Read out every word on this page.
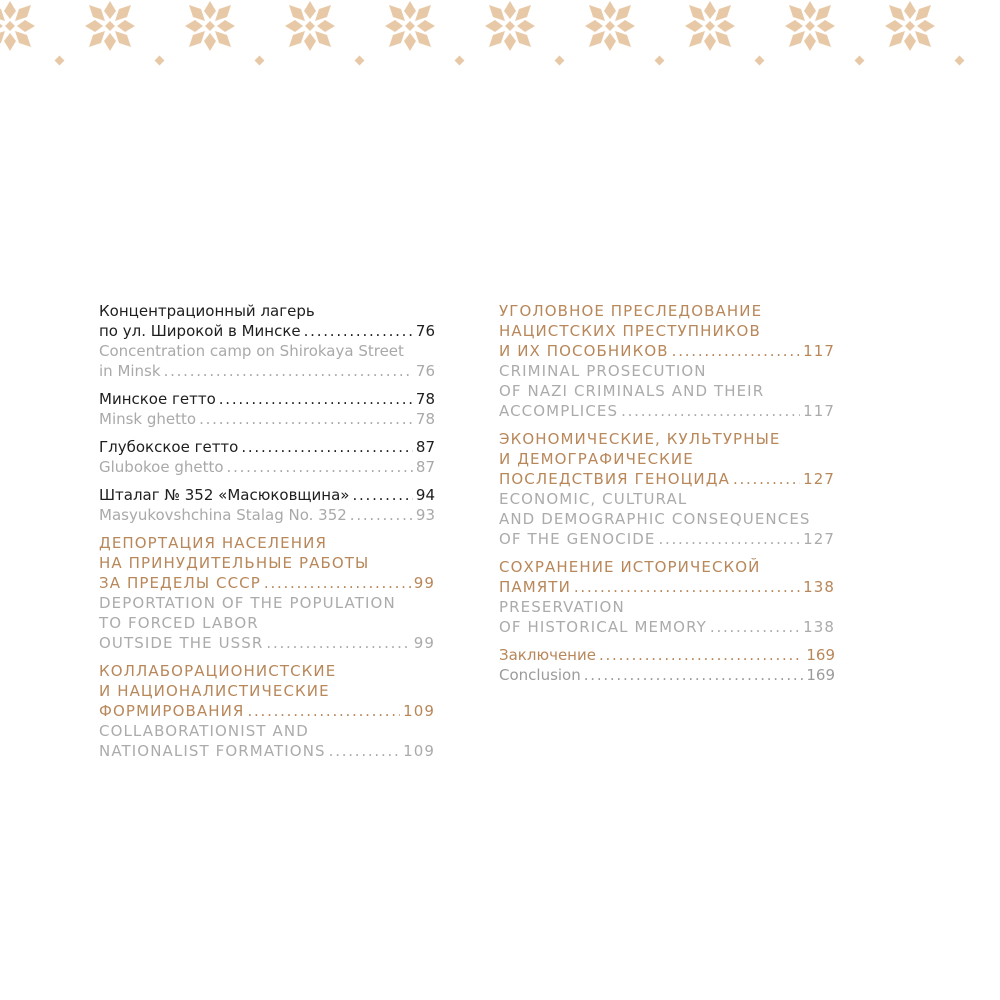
Концентрационный лагерь
по ул. Широкой в Минске . . .	76
Concentration camp on Shirokaya Street
in Minsk . . .	76
Минское гетто . . .	78
Minsk ghetto . . .	78
Глубокское гетто . . .	87
Glubokoe ghetto . . .	87
Шталаг № 352 «Масюковщина» . . .	94
Masyukovshchina Stalag No. 352 . . .	93
ДЕПОРТАЦИЯ НАСЕЛЕНИЯ
НА ПРИНУДИТЕЛЬНЫЕ РАБОТЫ
ЗА ПРЕДЕЛЫ СССР . . .	99
DEPORTATION OF THE POPULATION
TO FORCED LABOR
OUTSIDE THE USSR . . .	99
КОЛЛАБОРАЦИОНИСТСКИЕ
И НАЦИОНАЛИСТИЧЕСКИЕ
ФОРМИРОВАНИЯ . . .	109
COLLABORATIONIST AND
NATIONALIST FORMATIONS . . .	109
УГОЛОВНОЕ ПРЕСЛЕДОВАНИЕ
НАЦИСТСКИХ ПРЕСТУПНИКОВ
И ИХ ПОСОБНИКОВ . . .	117
CRIMINAL PROSECUTION
OF NAZI CRIMINALS AND THEIR
ACCOMPLICES . . .	117
ЭКОНОМИЧЕСКИЕ, КУЛЬТУРНЫЕ
И ДЕМОГРАФИЧЕСКИЕ
ПОСЛЕДСТВИЯ ГЕНОЦИДА . . .	127
ECONOMIC, CULTURAL
AND DEMOGRAPHIC CONSEQUENCES
OF THE GENOCIDE . . .	127
СОХРАНЕНИЕ ИСТОРИЧЕСКОЙ
ПАМЯТИ . . .	138
PRESERVATION
OF HISTORICAL MEMORY . . .	138
Заключение . . .	169
Conclusion . . .	169
